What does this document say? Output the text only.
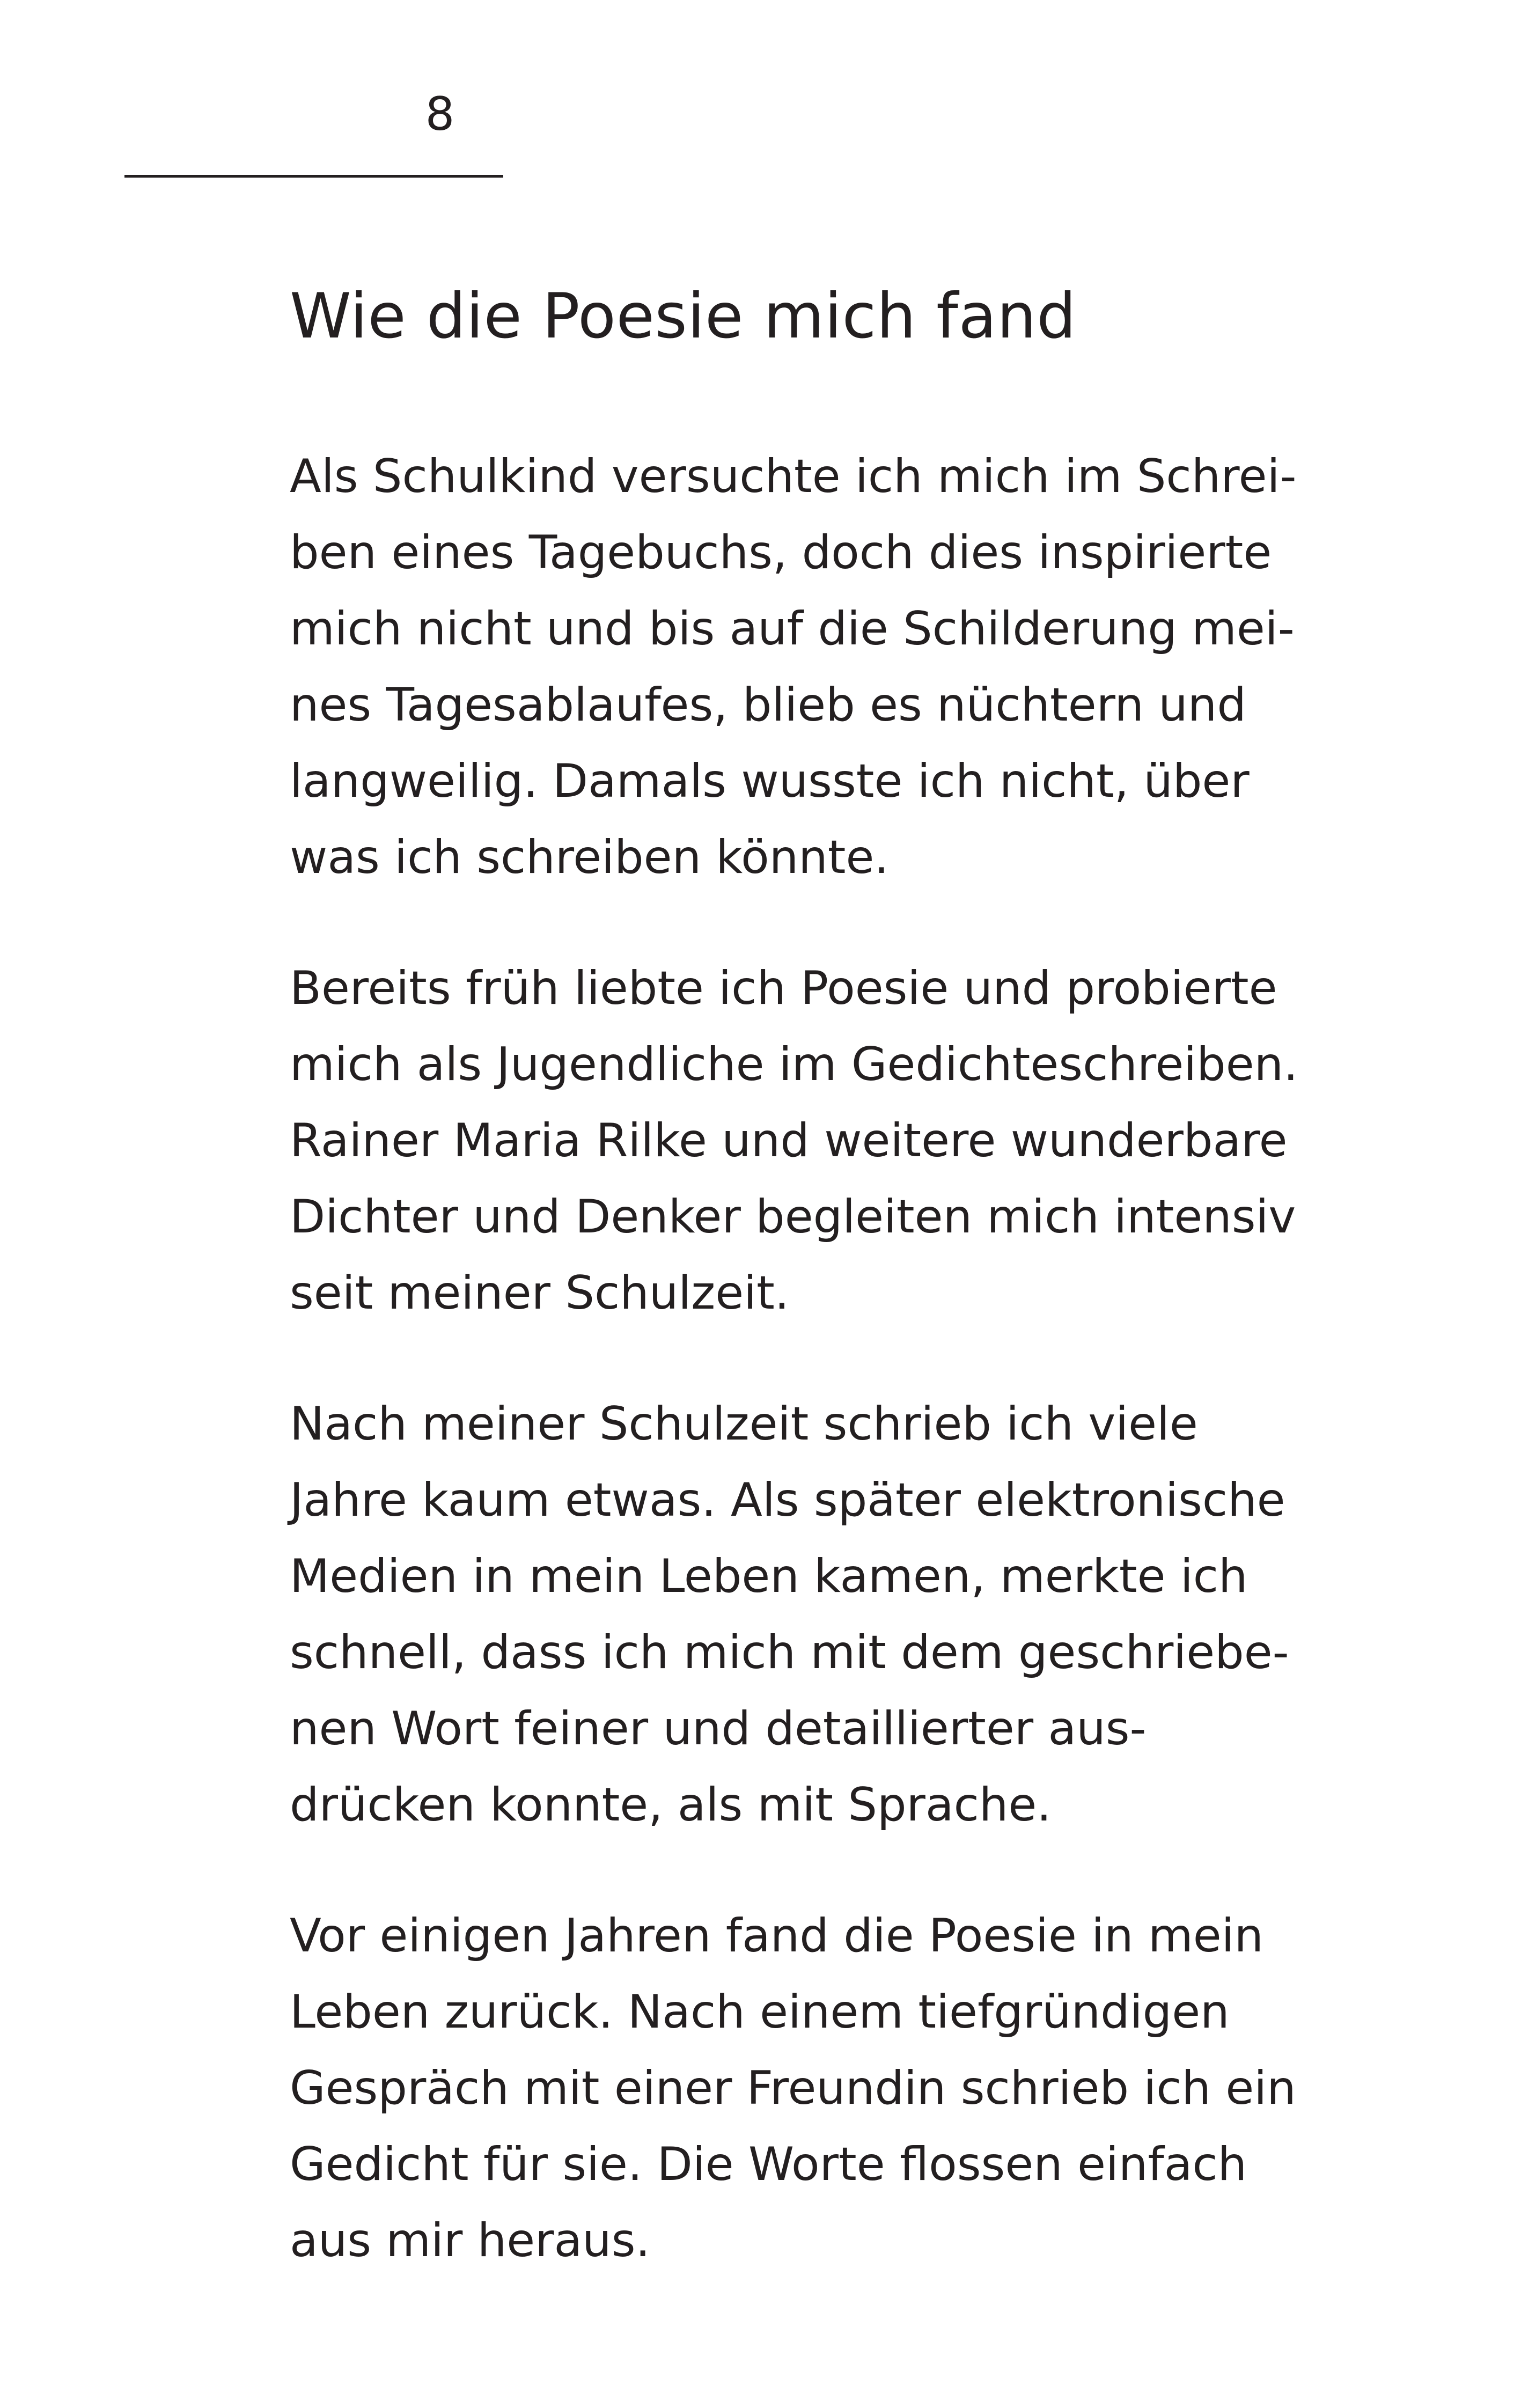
8
Wie die Poesie mich fand
Als Schulkind versuchte ich mich im Schrei-
ben eines Tagebuchs, doch dies inspirierte
mich nicht und bis auf die Schilderung mei-
nes Tagesablaufes, blieb es nüchtern und
langweilig. Damals wusste ich nicht, über
was ich schreiben könnte.
Bereits früh liebte ich Poesie und probierte
mich als Jugendliche im Gedichteschreiben.
Rainer Maria Rilke und weitere wunderbare
Dichter und Denker begleiten mich intensiv
seit meiner Schulzeit.
Nach meiner Schulzeit schrieb ich viele
Jahre kaum etwas. Als später elektronische
Medien in mein Leben kamen, merkte ich
schnell, dass ich mich mit dem geschriebe-
nen Wort feiner und detaillierter aus-
drücken konnte, als mit Sprache.
Vor einigen Jahren fand die Poesie in mein
Leben zurück. Nach einem tiefgründigen
Gespräch mit einer Freundin schrieb ich ein
Gedicht für sie. Die Worte flossen einfach
aus mir heraus.
